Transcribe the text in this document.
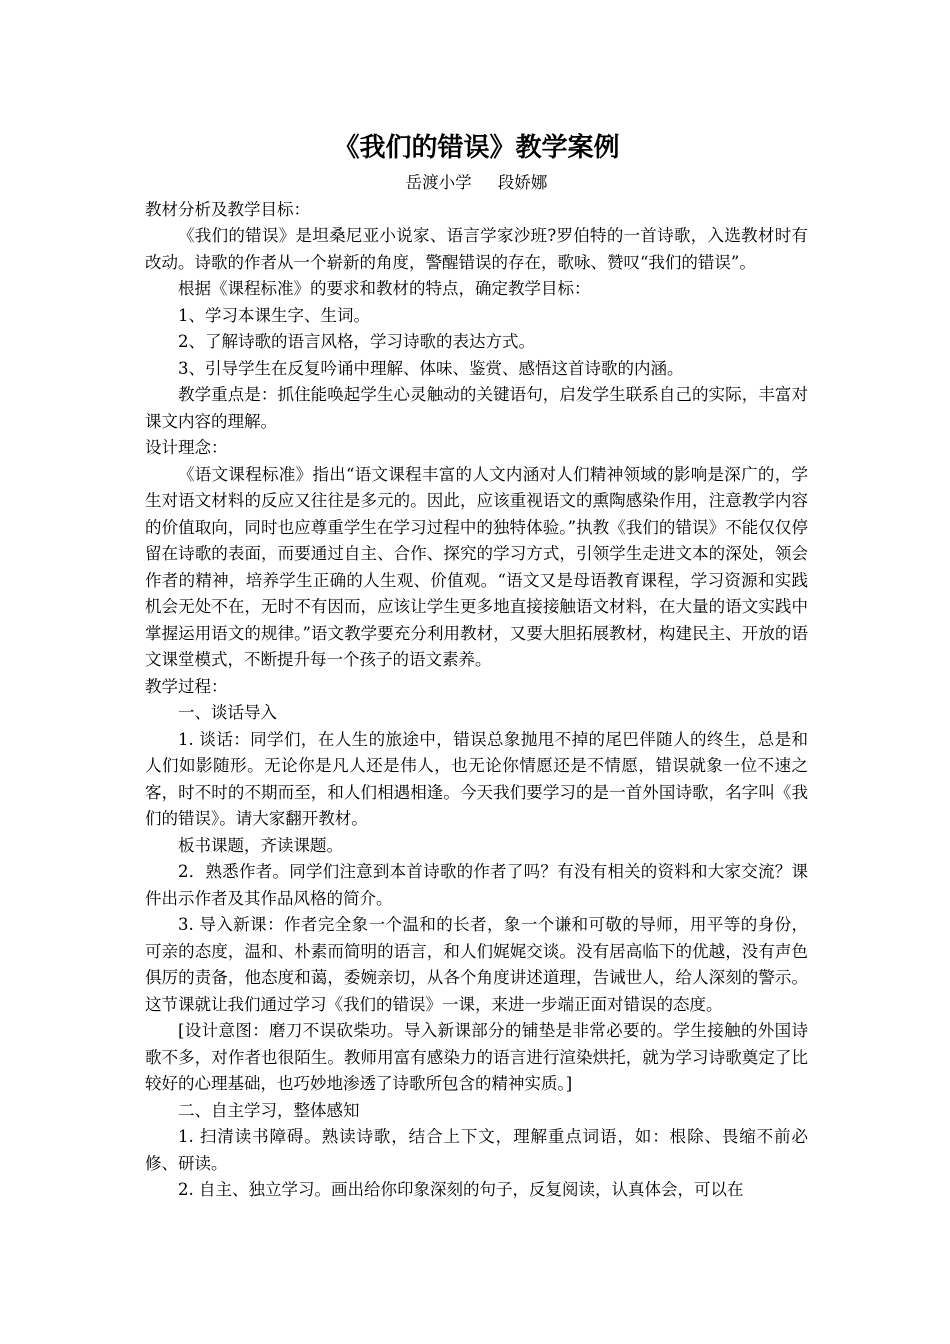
《我们的错误》教学案例

岳渡小学     段娇娜

教材分析及教学目标：

《我们的错误》是坦桑尼亚小说家、语言学家沙班?罗伯特的一首诗歌，入选教材时有改动。诗歌的作者从一个崭新的角度，警醒错误的存在，歌咏、赞叹“我们的错误”。

根据《课程标准》的要求和教材的特点，确定教学目标：

1、学习本课生字、生词。

2、了解诗歌的语言风格，学习诗歌的表达方式。

3、引导学生在反复吟诵中理解、体味、鉴赏、感悟这首诗歌的内涵。

教学重点是：抓住能唤起学生心灵触动的关键语句，启发学生联系自己的实际，丰富对课文内容的理解。

设计理念：

《语文课程标准》指出“语文课程丰富的人文内涵对人们精神领域的影响是深广的，学生对语文材料的反应又往往是多元的。因此，应该重视语文的熏陶感染作用，注意教学内容的价值取向，同时也应尊重学生在学习过程中的独特体验。”执教《我们的错误》不能仅仅停留在诗歌的表面，而要通过自主、合作、探究的学习方式，引领学生走进文本的深处，领会作者的精神，培养学生正确的人生观、价值观。“语文又是母语教育课程，学习资源和实践机会无处不在，无时不有因而，应该让学生更多地直接接触语文材料，在大量的语文实践中掌握运用语文的规律。”语文教学要充分利用教材，又要大胆拓展教材，构建民主、开放的语文课堂模式，不断提升每一个孩子的语文素养。

教学过程：

一、谈话导入

1. 谈话：同学们，在人生的旅途中，错误总象抛甩不掉的尾巴伴随人的终生，总是和人们如影随形。无论你是凡人还是伟人，也无论你情愿还是不情愿，错误就象一位不速之客，时不时的不期而至，和人们相遇相逢。今天我们要学习的是一首外国诗歌，名字叫《我们的错误》。请大家翻开教材。

板书课题，齐读课题。

2．熟悉作者。同学们注意到本首诗歌的作者了吗？有没有相关的资料和大家交流？课件出示作者及其作品风格的简介。

3. 导入新课：作者完全象一个温和的长者，象一个谦和可敬的导师，用平等的身份，可亲的态度，温和、朴素而简明的语言，和人们娓娓交谈。没有居高临下的优越，没有声色俱厉的责备，他态度和蔼，委婉亲切，从各个角度讲述道理，告诫世人，给人深刻的警示。这节课就让我们通过学习《我们的错误》一课，来进一步端正面对错误的态度。

[设计意图：磨刀不误砍柴功。导入新课部分的铺垫是非常必要的。学生接触的外国诗歌不多，对作者也很陌生。教师用富有感染力的语言进行渲染烘托，就为学习诗歌奠定了比较好的心理基础，也巧妙地渗透了诗歌所包含的精神实质。]

二、自主学习，整体感知

1. 扫清读书障碍。熟读诗歌，结合上下文，理解重点词语，如：根除、畏缩不前必修、研读。

2. 自主、独立学习。画出给你印象深刻的句子，反复阅读，认真体会，可以在
